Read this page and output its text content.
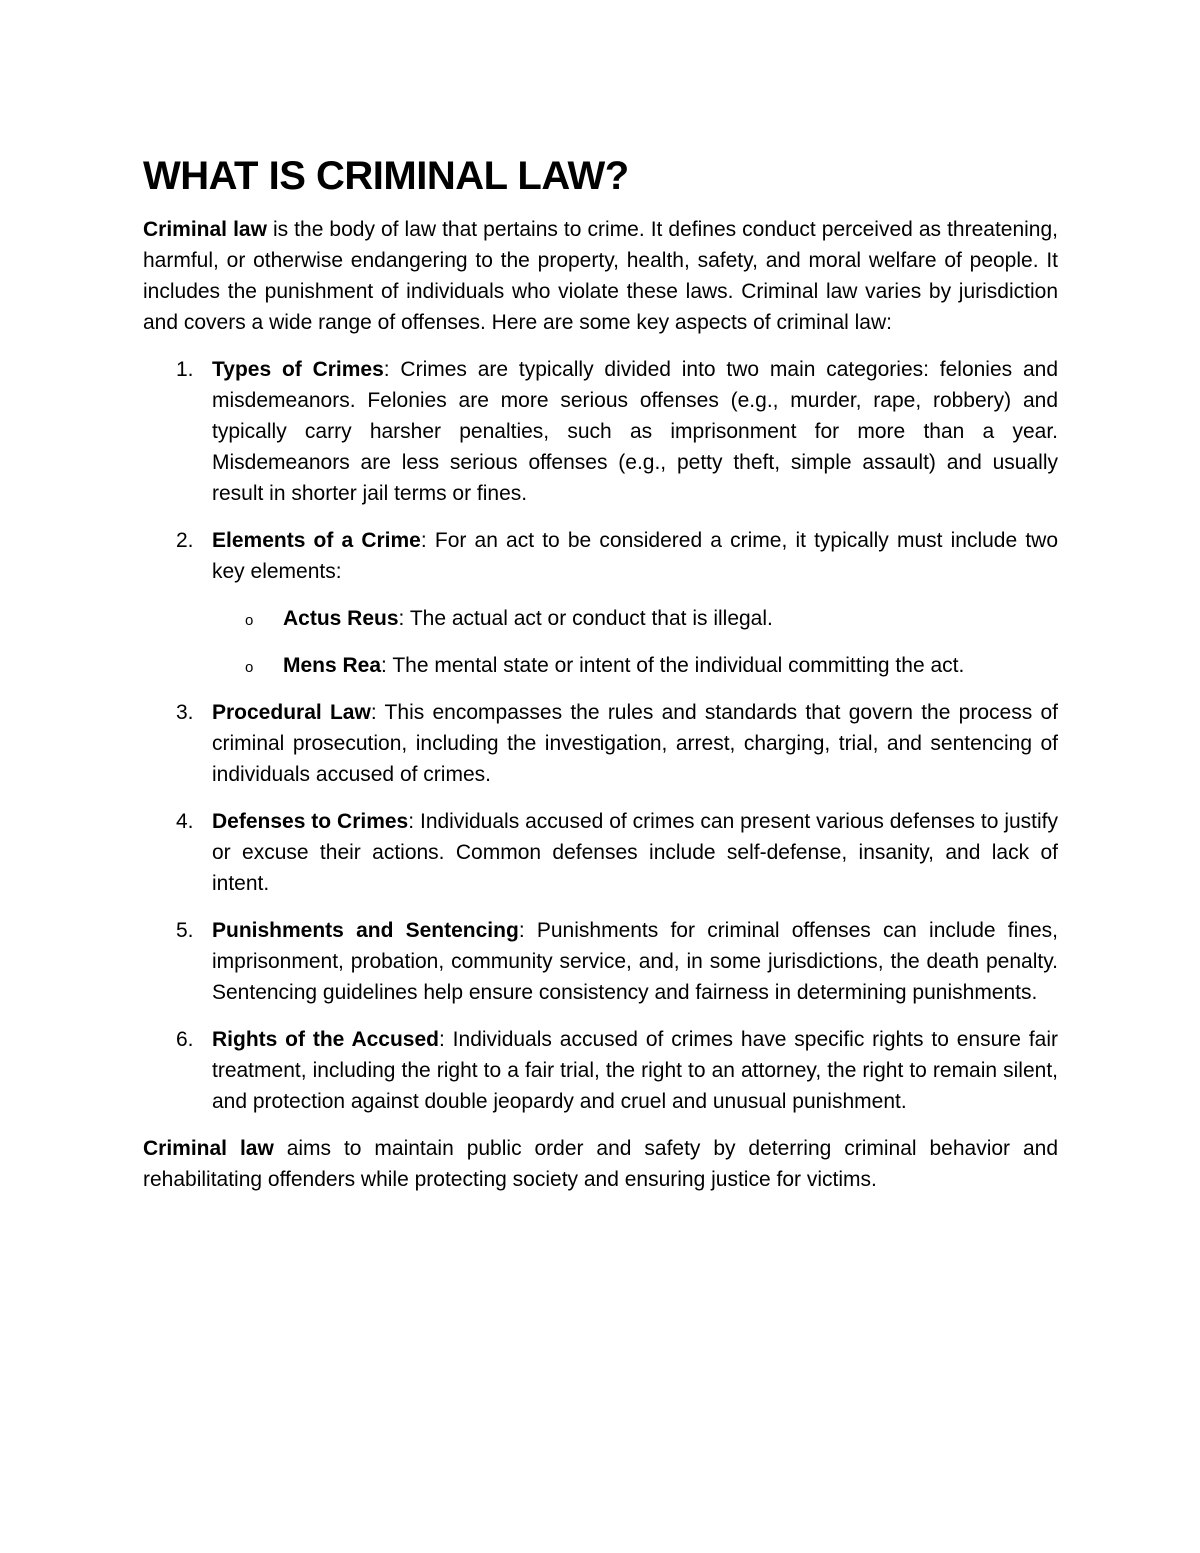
WHAT IS CRIMINAL LAW?

Criminal law is the body of law that pertains to crime. It defines conduct perceived as threatening, harmful, or otherwise endangering to the property, health, safety, and moral welfare of people. It includes the punishment of individuals who violate these laws. Criminal law varies by jurisdiction and covers a wide range of offenses. Here are some key aspects of criminal law:

1. Types of Crimes: Crimes are typically divided into two main categories: felonies and misdemeanors. Felonies are more serious offenses (e.g., murder, rape, robbery) and typically carry harsher penalties, such as imprisonment for more than a year. Misdemeanors are less serious offenses (e.g., petty theft, simple assault) and usually result in shorter jail terms or fines.
2. Elements of a Crime: For an act to be considered a crime, it typically must include two key elements:
o Actus Reus: The actual act or conduct that is illegal.
o Mens Rea: The mental state or intent of the individual committing the act.
3. Procedural Law: This encompasses the rules and standards that govern the process of criminal prosecution, including the investigation, arrest, charging, trial, and sentencing of individuals accused of crimes.
4. Defenses to Crimes: Individuals accused of crimes can present various defenses to justify or excuse their actions. Common defenses include self-defense, insanity, and lack of intent.
5. Punishments and Sentencing: Punishments for criminal offenses can include fines, imprisonment, probation, community service, and, in some jurisdictions, the death penalty. Sentencing guidelines help ensure consistency and fairness in determining punishments.
6. Rights of the Accused: Individuals accused of crimes have specific rights to ensure fair treatment, including the right to a fair trial, the right to an attorney, the right to remain silent, and protection against double jeopardy and cruel and unusual punishment.

Criminal law aims to maintain public order and safety by deterring criminal behavior and rehabilitating offenders while protecting society and ensuring justice for victims.
